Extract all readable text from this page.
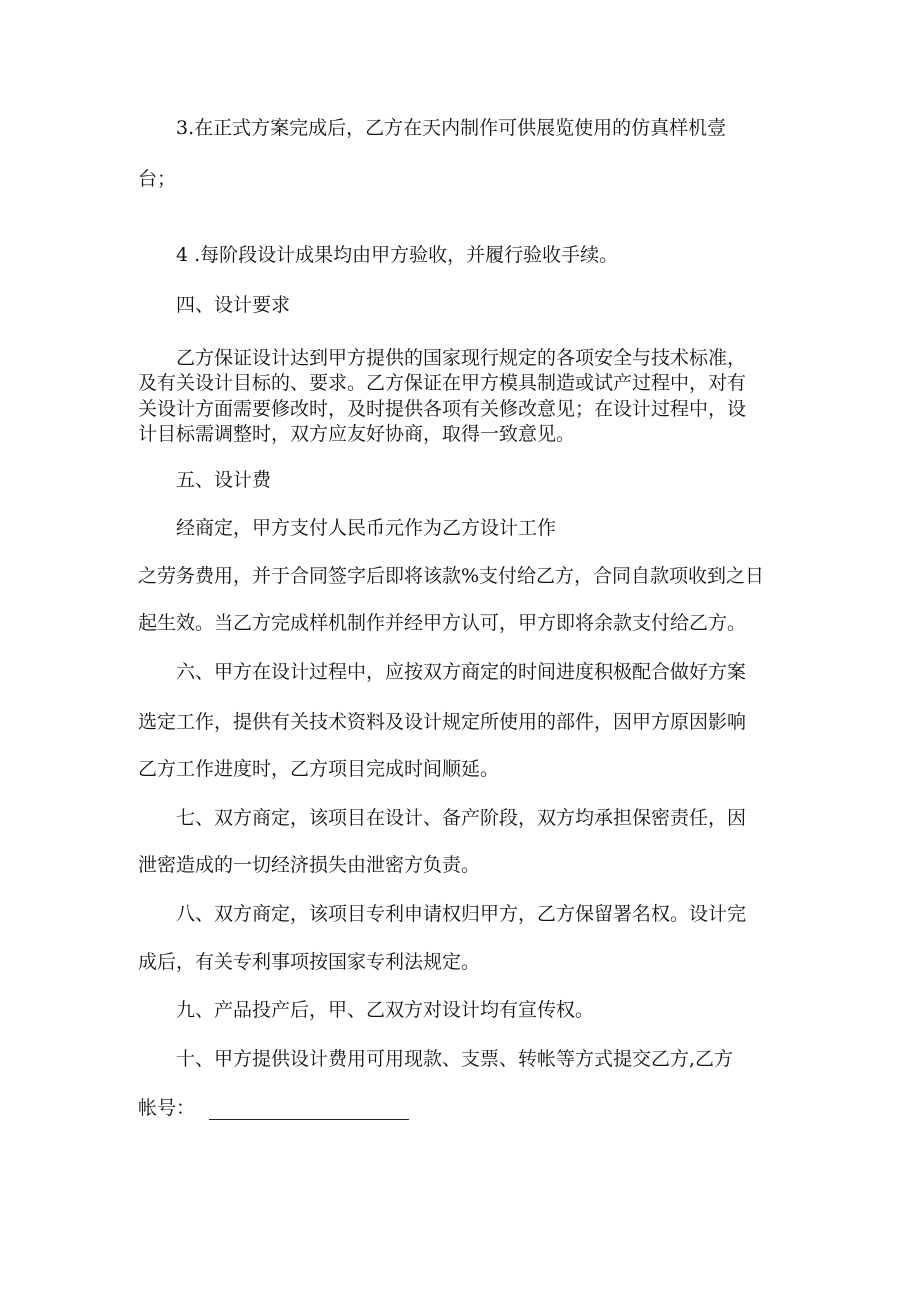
3.在正式方案完成后，乙方在天内制作可供展览使用的仿真样机壹

台；

4 .每阶段设计成果均由甲方验收，并履行验收手续。

四、设计要求

乙方保证设计达到甲方提供的国家现行规定的各项安全与技术标准，

及有关设计目标的、要求。乙方保证在甲方模具制造或试产过程中，对有

关设计方面需要修改时，及时提供各项有关修改意见；在设计过程中，设

计目标需调整时，双方应友好协商，取得一致意见。

五、设计费

经商定，甲方支付人民币元作为乙方设计工作

之劳务费用，并于合同签字后即将该款%支付给乙方，合同自款项收到之日

起生效。当乙方完成样机制作并经甲方认可，甲方即将余款支付给乙方。

六、甲方在设计过程中，应按双方商定的时间进度积极配合做好方案

选定工作，提供有关技术资料及设计规定所使用的部件，因甲方原因影响

乙方工作进度时，乙方项目完成时间顺延。

七、双方商定，该项目在设计、备产阶段，双方均承担保密责任，因

泄密造成的一切经济损失由泄密方负责。

八、双方商定，该项目专利申请权归甲方，乙方保留署名权。设计完

成后，有关专利事项按国家专利法规定。

九、产品投产后，甲、乙双方对设计均有宣传权。

十、甲方提供设计费用可用现款、支票、转帐等方式提交乙方,乙方

帐号：
